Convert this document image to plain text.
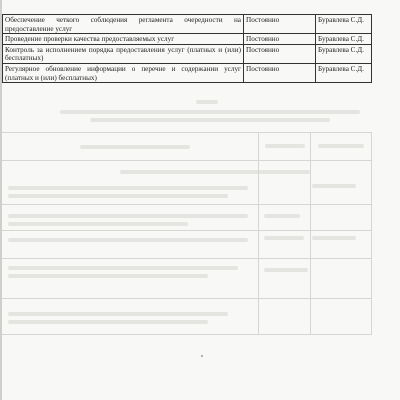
Обеспечение четкого соблюдения регламента очередности на предоставление услуг	Постоянно	Буравлева С.Д.
Проведение проверки качества предоставляемых услуг	Постоянно	Буравлева С.Д.
Контроль за исполнением порядка предоставления услуг (платных и (или) бесплатных)	Постоянно	Буравлева С.Д.
Регулярное обновление информации о перечне и содержании услуг (платных и (или) бесплатных)	Постоянно	Буравлева С.Д.
